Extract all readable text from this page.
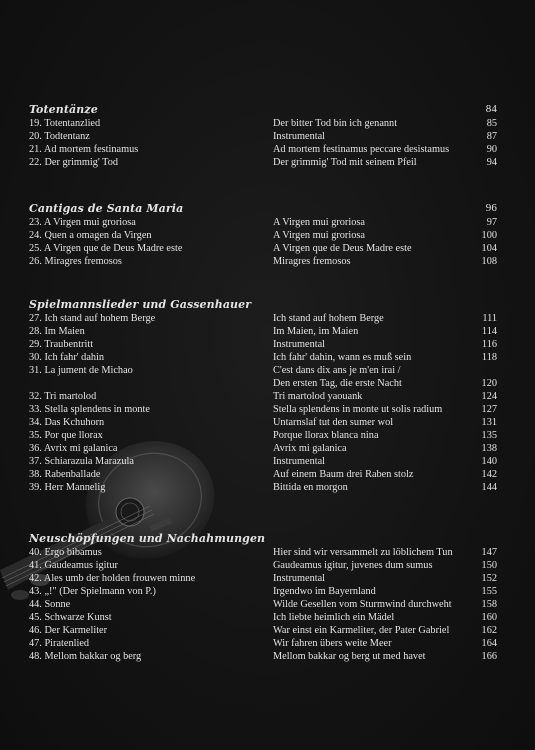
Totentänze	84
19. Totentanzlied	Der bitter Tod bin ich genannt	85
20. Todtentanz	Instrumental	87
21. Ad mortem festinamus	Ad mortem festinamus peccare desistamus	90
22. Der grimmig' Tod	Der grimmig' Tod mit seinem Pfeil	94
Cantigas de Santa Maria	96
23. A Virgen mui groriosa	A Virgen mui groriosa	97
24. Quen a omagen da Virgen	A Virgen mui groriosa	100
25. A Virgen que de Deus Madre este	A Virgen que de Deus Madre este	104
26. Miragres fremosos	Miragres fremosos	108
Spielmannslieder und Gassenhauer
27. Ich stand auf hohem Berge	Ich stand auf hohem Berge	111
28. Im Maien	Im Maien, im Maien	114
29. Traubentritt	Instrumental	116
30. Ich fahr' dahin	Ich fahr' dahin, wann es muß sein	118
31. La jument de Michao	C'est dans dix ans je m'en irai /
Den ersten Tag, die erste Nacht	120
32. Tri martolod	Tri martolod yaouank	124
33. Stella splendens in monte	Stella splendens in monte ut solis radium	127
34. Das Kchuhorn	Untarnslaf tut den sumer wol	131
35. Por que llorax	Porque llorax blanca nina	135
36. Avrix mi galanica	Avrix mi galanica	138
37. Schiarazula Marazula	Instrumental	140
38. Rabenballade	Auf einem Baum drei Raben stolz	142
39. Herr Mannelig	Bittida en morgon	144
Neuschöpfungen und Nachahmungen
40. Ergo bibamus	Hier sind wir versammelt zu löblichem Tun	147
41. Gaudeamus igitur	Gaudeamus igitur, juvenes dum sumus	150
42. Ales umb der holden frouwen minne	Instrumental	152
43. „!" (Der Spielmann von P.)	Irgendwo im Bayernland	155
44. Sonne	Wilde Gesellen vom Sturmwind durchweht	158
45. Schwarze Kunst	Ich liebte heimlich ein Mädel	160
46. Der Karmeliter	War einst ein Karmeliter, der Pater Gabriel	162
47. Piratenlied	Wir fahren übers weite Meer	164
48. Mellom bakkar og berg	Mellom bakkar og berg ut med havet	166
